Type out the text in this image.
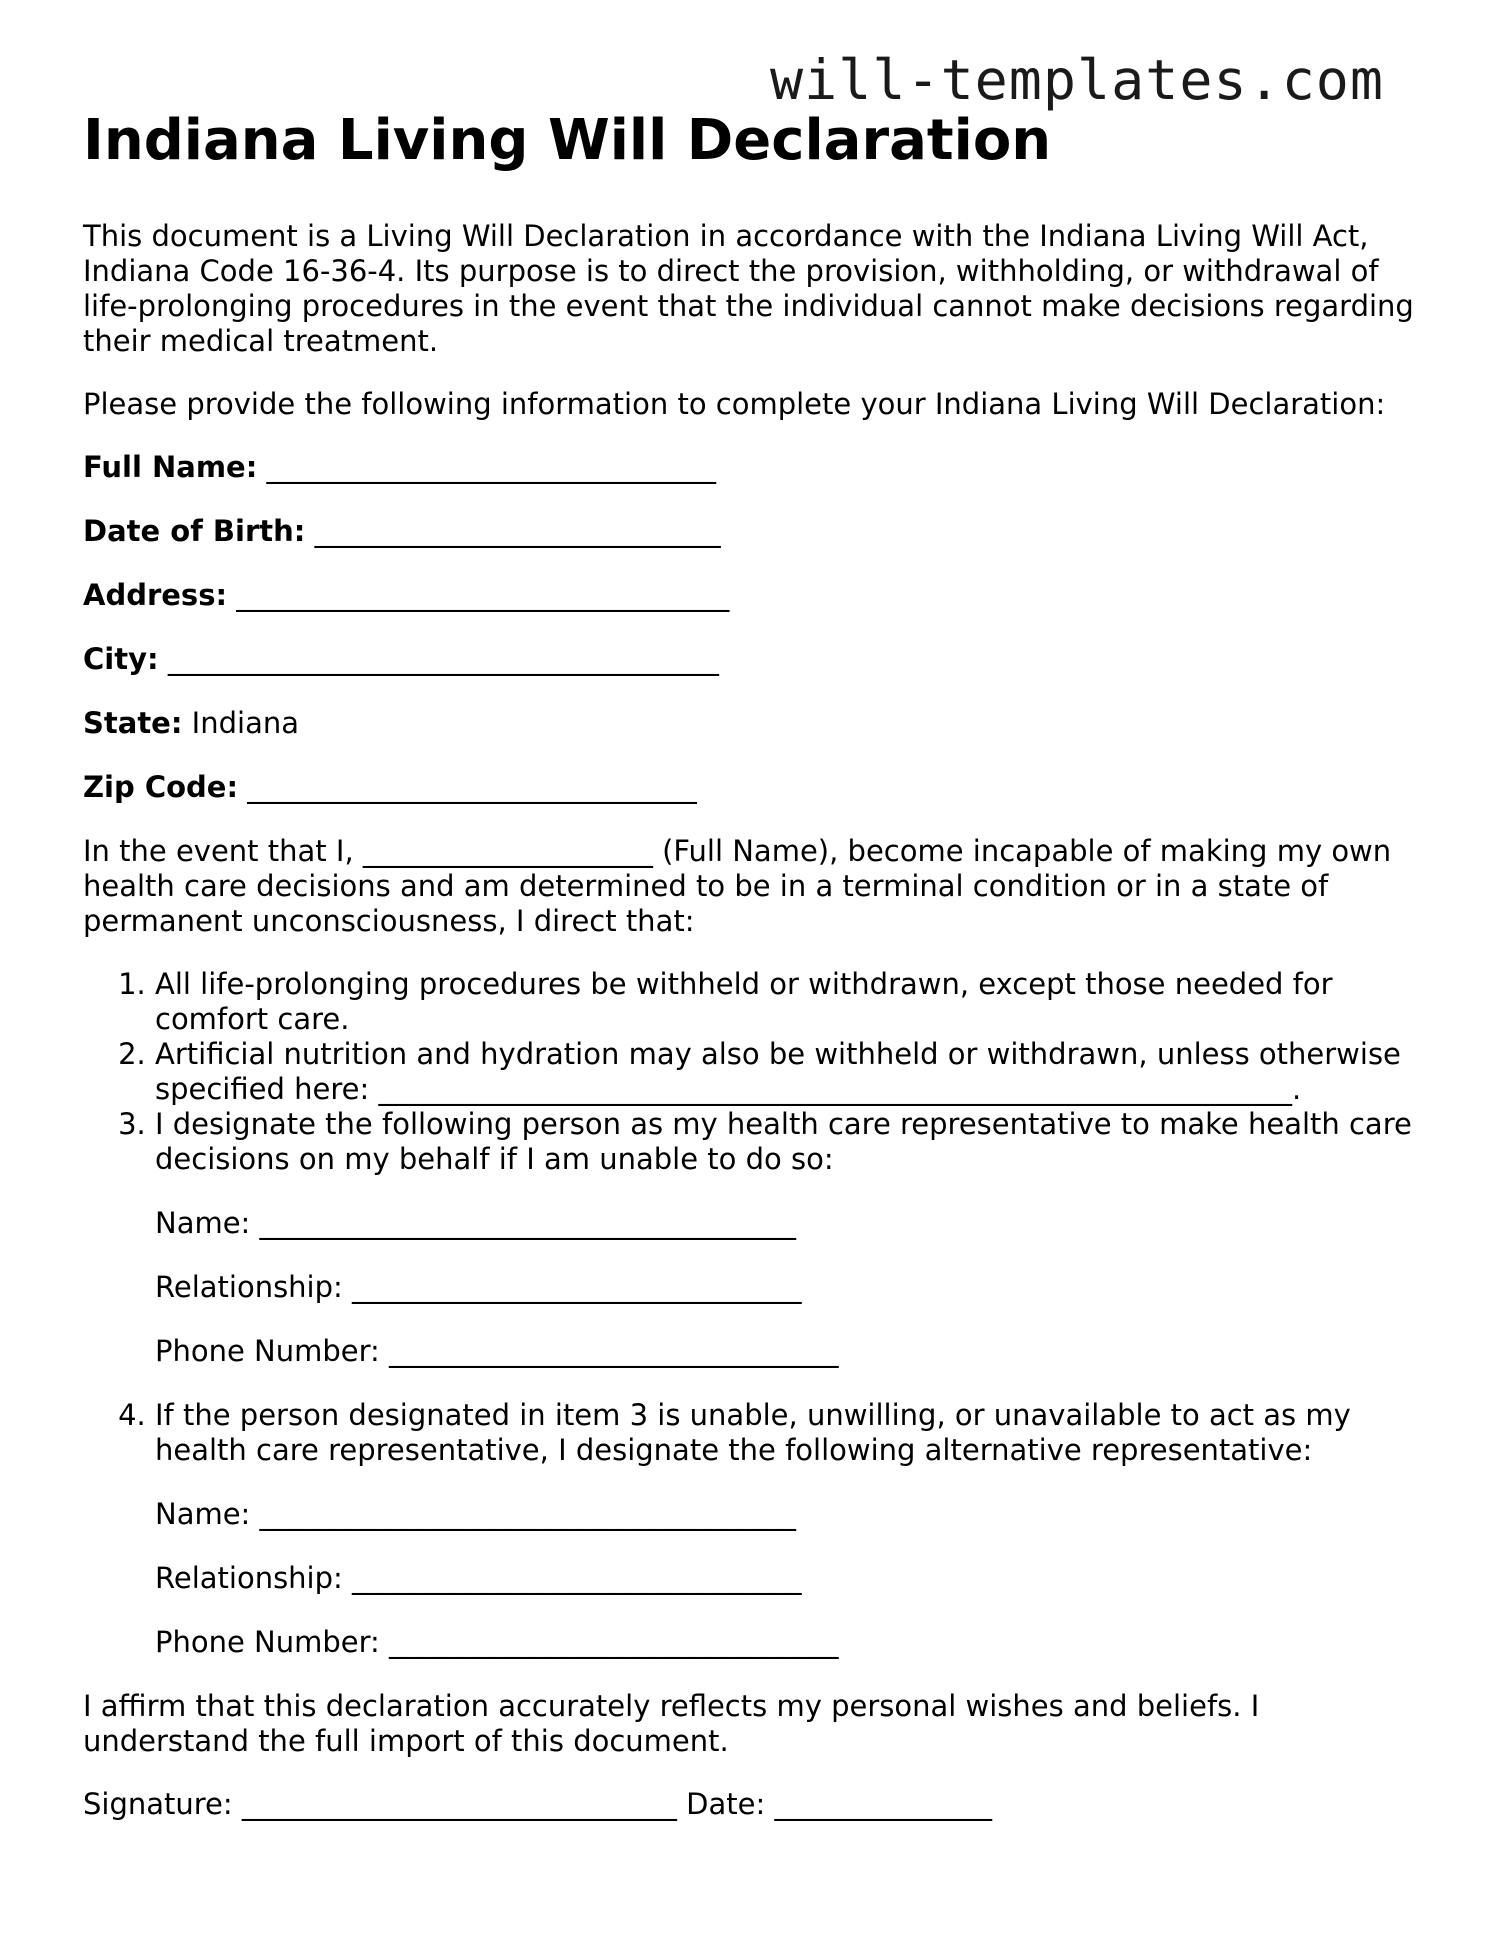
will-templates.com
Indiana Living Will Declaration

This document is a Living Will Declaration in accordance with the Indiana Living Will Act, Indiana Code 16-36-4. Its purpose is to direct the provision, withholding, or withdrawal of life-prolonging procedures in the event that the individual cannot make decisions regarding their medical treatment.

Please provide the following information to complete your Indiana Living Will Declaration:

Full Name: _______________________________
Date of Birth: ____________________________
Address: __________________________________
City: ______________________________________
State: Indiana
Zip Code: _______________________________

In the event that I, ____________________ (Full Name), become incapable of making my own health care decisions and am determined to be in a terminal condition or in a state of permanent unconsciousness, I direct that:

1. All life-prolonging procedures be withheld or withdrawn, except those needed for comfort care.
2. Artificial nutrition and hydration may also be withheld or withdrawn, unless otherwise specified here: _______________________________________________________________.
3. I designate the following person as my health care representative to make health care decisions on my behalf if I am unable to do so:
Name: _____________________________________
Relationship: _______________________________
Phone Number: _______________________________
4. If the person designated in item 3 is unable, unwilling, or unavailable to act as my health care representative, I designate the following alternative representative:
Name: _____________________________________
Relationship: _______________________________
Phone Number: _______________________________

I affirm that this declaration accurately reflects my personal wishes and beliefs. I understand the full import of this document.

Signature: ______________________________ Date: _______________
